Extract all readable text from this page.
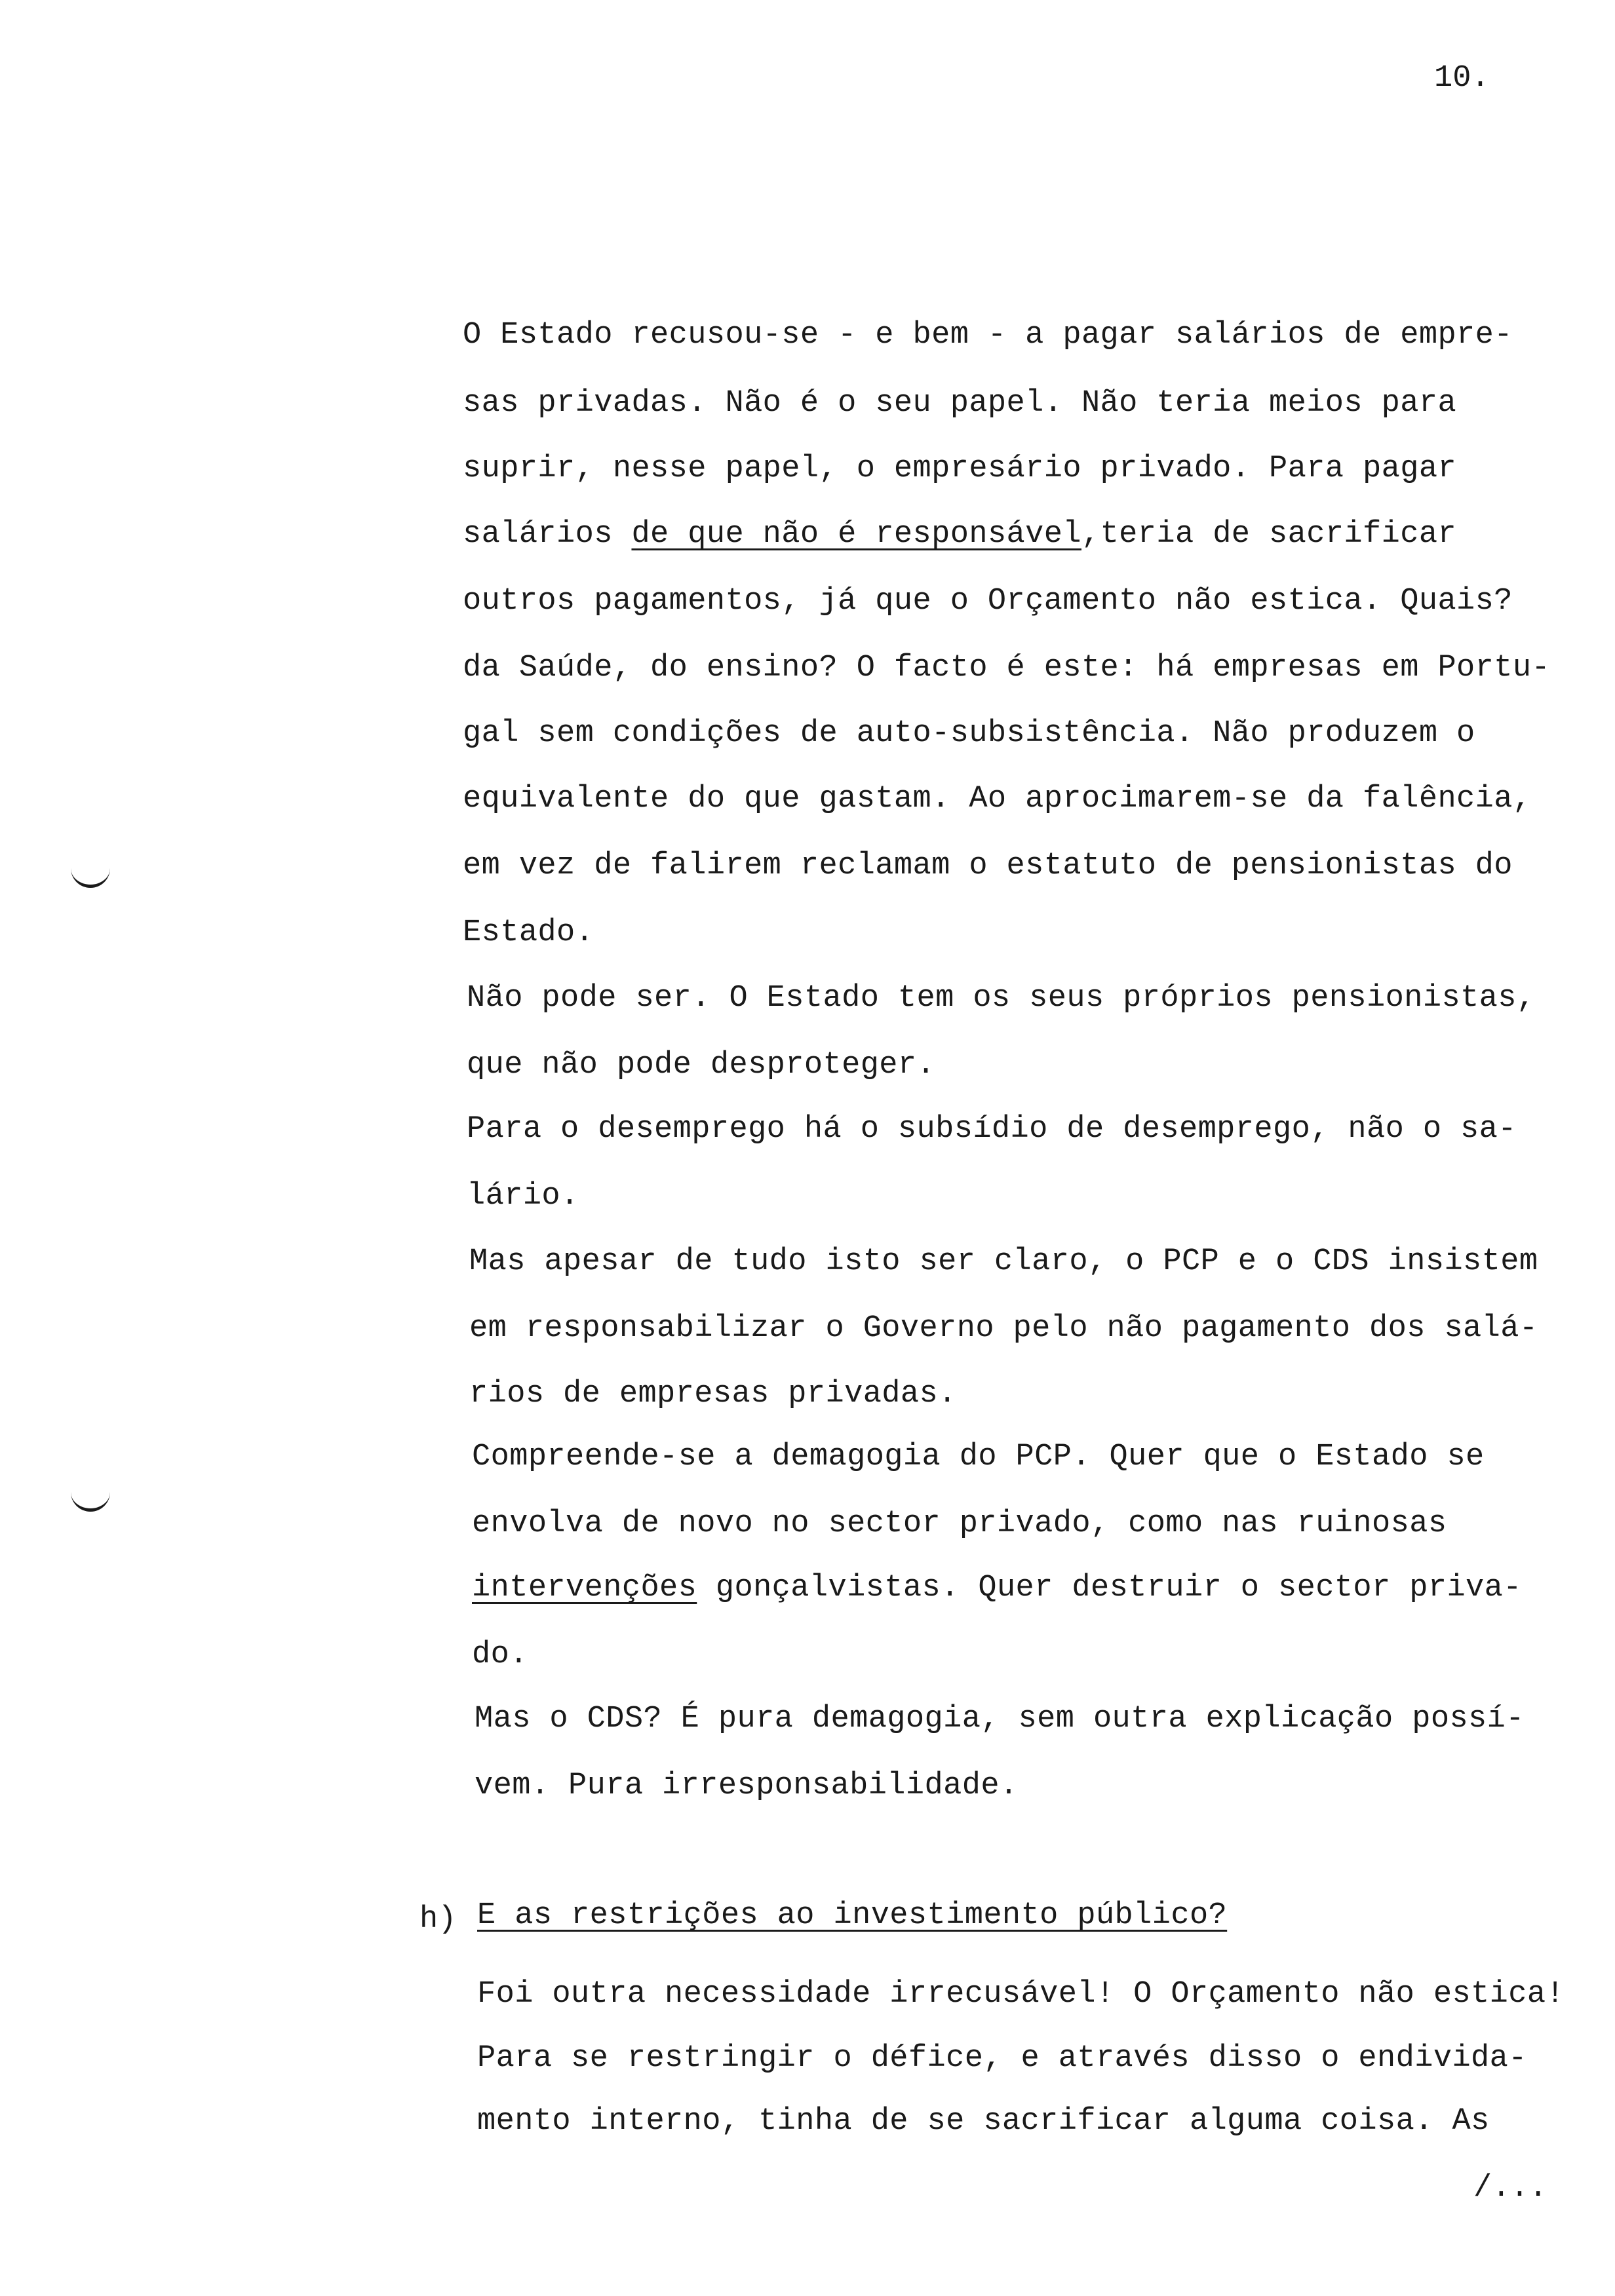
10.
O Estado recusou-se - e bem - a pagar salários de empre-
sas privadas. Não é o seu papel. Não teria meios para
suprir, nesse papel, o empresário privado. Para pagar
salários de que não é responsável,teria de sacrificar
outros pagamentos, já que o Orçamento não estica. Quais?
da Saúde, do ensino? O facto é este: há empresas em Portu-
gal sem condições de auto-subsistência. Não produzem o
equivalente do que gastam. Ao aprocimarem-se da falência,
em vez de falirem reclamam o estatuto de pensionistas do
Estado.
Não pode ser. O Estado tem os seus próprios pensionistas,
que não pode desproteger.
Para o desemprego há o subsídio de desemprego, não o sa-
lário.
Mas apesar de tudo isto ser claro, o PCP e o CDS insistem
em responsabilizar o Governo pelo não pagamento dos salá-
rios de empresas privadas.
Compreende-se a demagogia do PCP. Quer que o Estado se
envolva de novo no sector privado, como nas ruinosas
intervenções gonçalvistas. Quer destruir o sector priva-
do.
Mas o CDS? É pura demagogia, sem outra explicação possí-
vem. Pura irresponsabilidade.
h) E as restrições ao investimento público?
Foi outra necessidade irrecusável! O Orçamento não estica!
Para se restringir o défice, e através disso o endivida-
mento interno, tinha de se sacrificar alguma coisa. As
/...
